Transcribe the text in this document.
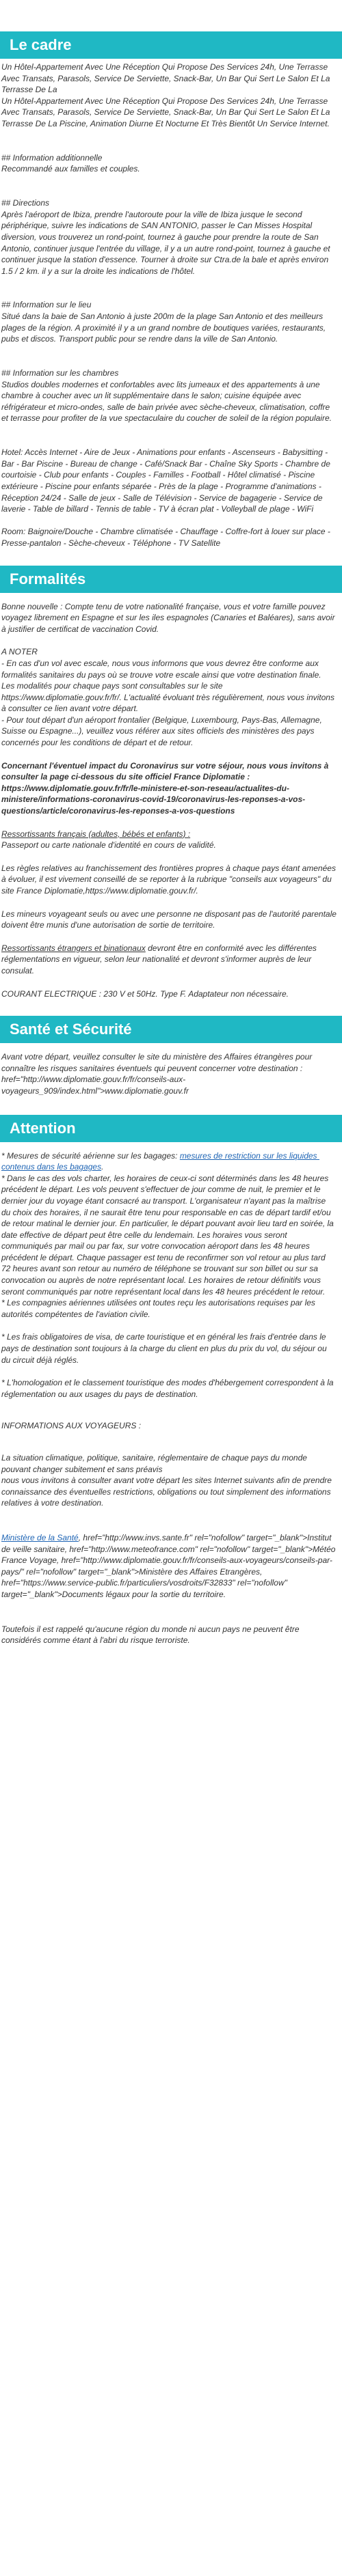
Le cadre
Un Hôtel-Appartement Avec Une Réception Qui Propose Des Services 24h, Une Terrasse Avec Transats, Parasols, Service De Serviette, Snack-Bar, Un Bar Qui Sert Le Salon Et La Terrasse De La
Un Hôtel-Appartement Avec Une Réception Qui Propose Des Services 24h, Une Terrasse Avec Transats, Parasols, Service De Serviette, Snack-Bar, Un Bar Qui Sert Le Salon Et La Terrasse De La Piscine, Animation Diurne Et Nocturne Et Très Bientôt Un Service Internet.

## Information additionnelle
Recommandé aux familles et couples.

## Directions
Après l'aéroport de Ibiza, prendre l'autoroute pour la ville de Ibiza jusque le second périphérique, suivre les indications de SAN ANTONIO, passer le Can Misses Hospital diversion, vous trouverez un rond-point, tournez à gauche pour prendre la route de San Antonio, continuer jusque l'entrée du village, il y a un autre rond-point, tournez à gauche et continuer jusque la station d'essence. Tourner à droite sur Ctra.de la bale et après environ 1.5 / 2 km. il y a sur la droite les indications de l'hôtel.

## Information sur le lieu
Situé dans la baie de San Antonio à juste 200m de la plage San Antonio et des meilleurs plages de la région. A proximité il y a un grand nombre de boutiques variées, restaurants, pubs et discos. Transport public pour se rendre dans la ville de San Antonio.

## Information sur les chambres
Studios doubles modernes et confortables avec lits jumeaux et des appartements à une chambre à coucher avec un lit supplémentaire dans le salon; cuisine équipée avec réfrigérateur et micro-ondes, salle de bain privée avec sèche-cheveux, climatisation, coffre et terrasse pour profiter de la vue spectaculaire du coucher de soleil de la région populaire.

Hotel: Accès Internet - Aire de Jeux - Animations pour enfants - Ascenseurs - Babysitting - Bar - Bar Piscine - Bureau de change - Café/Snack Bar - Chaîne Sky Sports - Chambre de courtoisie - Club pour enfants - Couples - Familles - Football - Hôtel climatisé - Piscine extérieure - Piscine pour enfants séparée - Près de la plage - Programme d'animations - Réception 24/24 - Salle de jeux - Salle de Télévision - Service de bagagerie - Service de laverie - Table de billard - Tennis de table - TV à écran plat - Volleyball de plage - WiFi

Room: Baignoire/Douche - Chambre climatisée - Chauffage - Coffre-fort à louer sur place - Presse-pantalon - Sèche-cheveux - Téléphone - TV Satellite
Formalités
Bonne nouvelle : Compte tenu de votre nationalité française, vous et votre famille pouvez voyagez librement en Espagne et sur les iles espagnoles (Canaries et Baléares), sans avoir à justifier de certificat de vaccination Covid.
A NOTER
- En cas d'un vol avec escale, nous vous informons que vous devrez être conforme aux formalités sanitaires du pays où se trouve votre escale ainsi que votre destination finale.
Les modalités pour chaque pays sont consultables sur le site https://www.diplomatie.gouv.fr/fr/. L'actualité évoluant très régulièrement, nous vous invitons à consulter ce lien avant votre départ.
- Pour tout départ d'un aéroport frontalier (Belgique, Luxembourg, Pays-Bas, Allemagne, Suisse ou Espagne...), veuillez vous référer aux sites officiels des ministères des pays concernés pour les conditions de départ et de retour.
Concernant l'éventuel impact du Coronavirus sur votre séjour, nous vous invitons à consulter la page ci-dessous du site officiel France Diplomatie : https://www.diplomatie.gouv.fr/fr/le-ministere-et-son-reseau/actualites-du-ministere/informations-coronavirus-covid-19/coronavirus-les-reponses-a-vos-questions/article/coronavirus-les-reponses-a-vos-questions
Ressortissants français (adultes, bébés et enfants) :
Passeport ou carte nationale d'identité en cours de validité.
Les règles relatives au franchissement des frontières propres à chaque pays étant amenées à évoluer, il est vivement conseillé de se reporter à la rubrique "conseils aux voyageurs" du site France Diplomatie,https://www.diplomatie.gouv.fr/.
Les mineurs voyageant seuls ou avec une personne ne disposant pas de l'autorité parentale doivent être munis d'une autorisation de sortie de territoire.
Ressortissants étrangers et binationaux devront être en conformité avec les différentes réglementations en vigueur, selon leur nationalité et devront s'informer auprès de leur consulat.
COURANT ELECTRIQUE : 230 V et 50Hz. Type F. Adaptateur non nécessaire.
Santé et Sécurité
Avant votre départ, veuillez consulter le site du ministère des Affaires étrangères pour connaître les risques sanitaires éventuels qui peuvent concerner votre destination : href="http://www.diplomatie.gouv.fr/fr/conseils-aux-voyageurs_909/index.html">www.diplomatie.gouv.fr
Attention
* Mesures de sécurité aérienne sur les bagages: mesures de restriction sur les liquides contenus dans les bagages.
* Dans le cas des vols charter, les horaires de ceux-ci sont déterminés dans les 48 heures précédent le départ. Les vols peuvent s'effectuer de jour comme de nuit, le premier et le dernier jour du voyage étant consacré au transport. L'organisateur n'ayant pas la maîtrise du choix des horaires, il ne saurait être tenu pour responsable en cas de départ tardif et/ou de retour matinal le dernier jour. En particulier, le départ pouvant avoir lieu tard en soirée, la date effective de départ peut être celle du lendemain. Les horaires vous seront communiqués par mail ou par fax, sur votre convocation aéroport dans les 48 heures précédent le départ. Chaque passager est tenu de reconfirmer son vol retour au plus tard 72 heures avant son retour au numéro de téléphone se trouvant sur son billet ou sur sa convocation ou auprès de notre représentant local. Les horaires de retour définitifs vous seront communiqués par notre représentant local dans les 48 heures précédent le retour.
* Les compagnies aériennes utilisées ont toutes reçu les autorisations requises par les autorités compétentes de l'aviation civile.
* Les frais obligatoires de visa, de carte touristique et en général les frais d'entrée dans le pays de destination sont toujours à la charge du client en plus du prix du vol, du séjour ou du circuit déjà réglés.
* L'homologation et le classement touristique des modes d'hébergement correspondent à la réglementation ou aux usages du pays de destination.
INFORMATIONS AUX VOYAGEURS :
La situation climatique, politique, sanitaire, réglementaire de chaque pays du monde pouvant changer subitement et sans préavis
nous vous invitons à consulter avant votre départ les sites Internet suivants afin de prendre connaissance des éventuelles restrictions, obligations ou tout simplement des informations relatives à votre destination.
Ministère de la Santé, href="http://www.invs.sante.fr" rel="nofollow" target="_blank">Institut de veille sanitaire, href="http://www.meteofrance.com" rel="nofollow" target="_blank">Météo France Voyage, href="http://www.diplomatie.gouv.fr/fr/conseils-aux-voyageurs/conseils-par-pays/" rel="nofollow" target="_blank">Ministère des Affaires Etrangères, href="https://www.service-public.fr/particuliers/vosdroits/F32833" rel="nofollow" target="_blank">Documents légaux pour la sortie du territoire.
Toutefois il est rappelé qu'aucune région du monde ni aucun pays ne peuvent être considérés comme étant à l'abri du risque terroriste.
